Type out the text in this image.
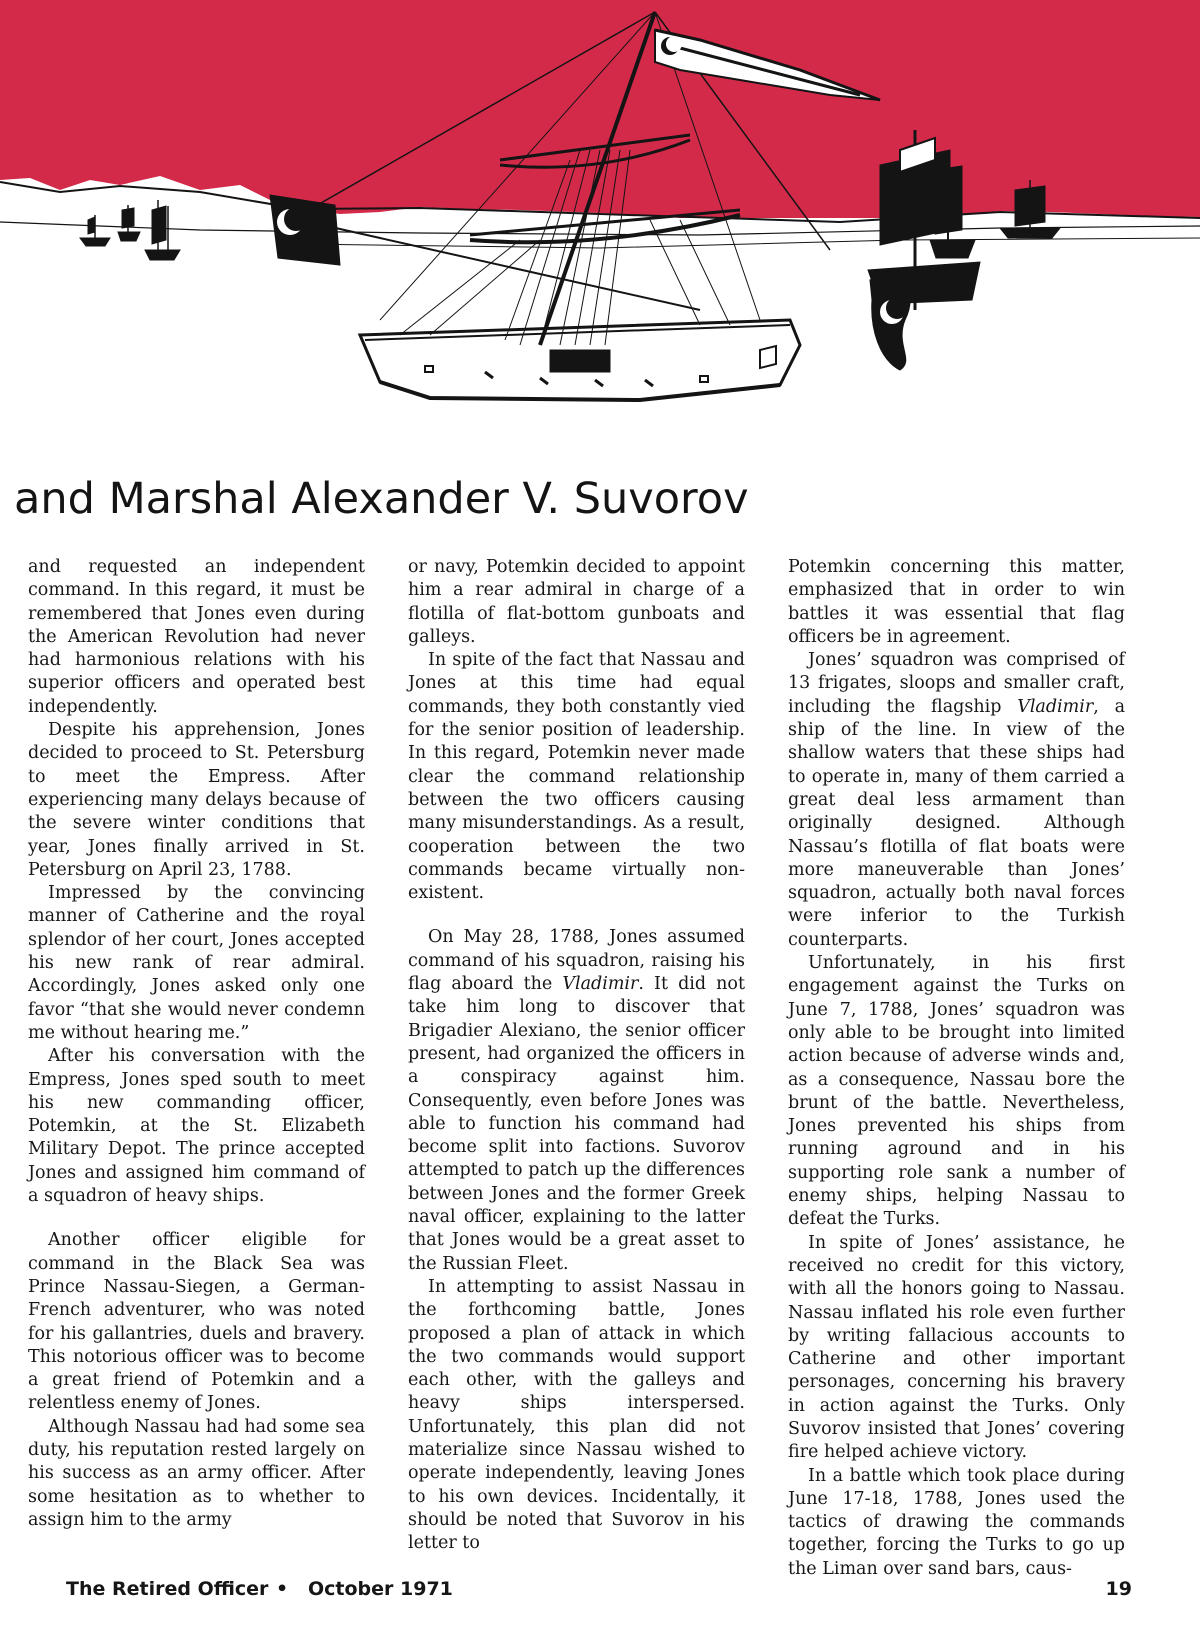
and Marshal Alexander V. Suvorov

and requested an independent command. In this regard, it must be remembered that Jones even during the American Revolution had never had harmonious relations with his superior officers and operated best independently.

Despite his apprehension, Jones decided to proceed to St. Petersburg to meet the Empress. After experiencing many delays because of the severe winter conditions that year, Jones finally arrived in St. Petersburg on April 23, 1788.

Impressed by the convincing manner of Catherine and the royal splendor of her court, Jones accepted his new rank of rear admiral. Accordingly, Jones asked only one favor “that she would never condemn me without hearing me.”

After his conversation with the Empress, Jones sped south to meet his new commanding officer, Potemkin, at the St. Elizabeth Military Depot. The prince accepted Jones and assigned him command of a squadron of heavy ships.

Another officer eligible for command in the Black Sea was Prince Nassau-Siegen, a German-French adventurer, who was noted for his gallantries, duels and bravery. This notorious officer was to become a great friend of Potemkin and a relentless enemy of Jones.

Although Nassau had had some sea duty, his reputation rested largely on his success as an army officer. After some hesitation as to whether to assign him to the army

or navy, Potemkin decided to appoint him a rear admiral in charge of a flotilla of flat-bottom gunboats and galleys.

In spite of the fact that Nassau and Jones at this time had equal commands, they both constantly vied for the senior position of leadership. In this regard, Potemkin never made clear the command relationship between the two officers causing many misunderstandings. As a result, cooperation between the two commands became virtually non-existent.

On May 28, 1788, Jones assumed command of his squadron, raising his flag aboard the Vladimir. It did not take him long to discover that Brigadier Alexiano, the senior officer present, had organized the officers in a conspiracy against him. Consequently, even before Jones was able to function his command had become split into factions. Suvorov attempted to patch up the differences between Jones and the former Greek naval officer, explaining to the latter that Jones would be a great asset to the Russian Fleet.

In attempting to assist Nassau in the forthcoming battle, Jones proposed a plan of attack in which the two commands would support each other, with the galleys and heavy ships interspersed. Unfortunately, this plan did not materialize since Nassau wished to operate independently, leaving Jones to his own devices. Incidentally, it should be noted that Suvorov in his letter to

Potemkin concerning this matter, emphasized that in order to win battles it was essential that flag officers be in agreement.

Jones’ squadron was comprised of 13 frigates, sloops and smaller craft, including the flagship Vladimir, a ship of the line. In view of the shallow waters that these ships had to operate in, many of them carried a great deal less armament than originally designed. Although Nassau’s flotilla of flat boats were more maneuverable than Jones’ squadron, actually both naval forces were inferior to the Turkish counterparts.

Unfortunately, in his first engagement against the Turks on June 7, 1788, Jones’ squadron was only able to be brought into limited action because of adverse winds and, as a consequence, Nassau bore the brunt of the battle. Nevertheless, Jones prevented his ships from running aground and in his supporting role sank a number of enemy ships, helping Nassau to defeat the Turks.

In spite of Jones’ assistance, he received no credit for this victory, with all the honors going to Nassau. Nassau inflated his role even further by writing fallacious accounts to Catherine and other important personages, concerning his bravery in action against the Turks. Only Suvorov insisted that Jones’ covering fire helped achieve victory.

In a battle which took place during June 17-18, 1788, Jones used the tactics of drawing the commands together, forcing the Turks to go up the Liman over sand bars, caus-

The Retired Officer • October 1971	19
